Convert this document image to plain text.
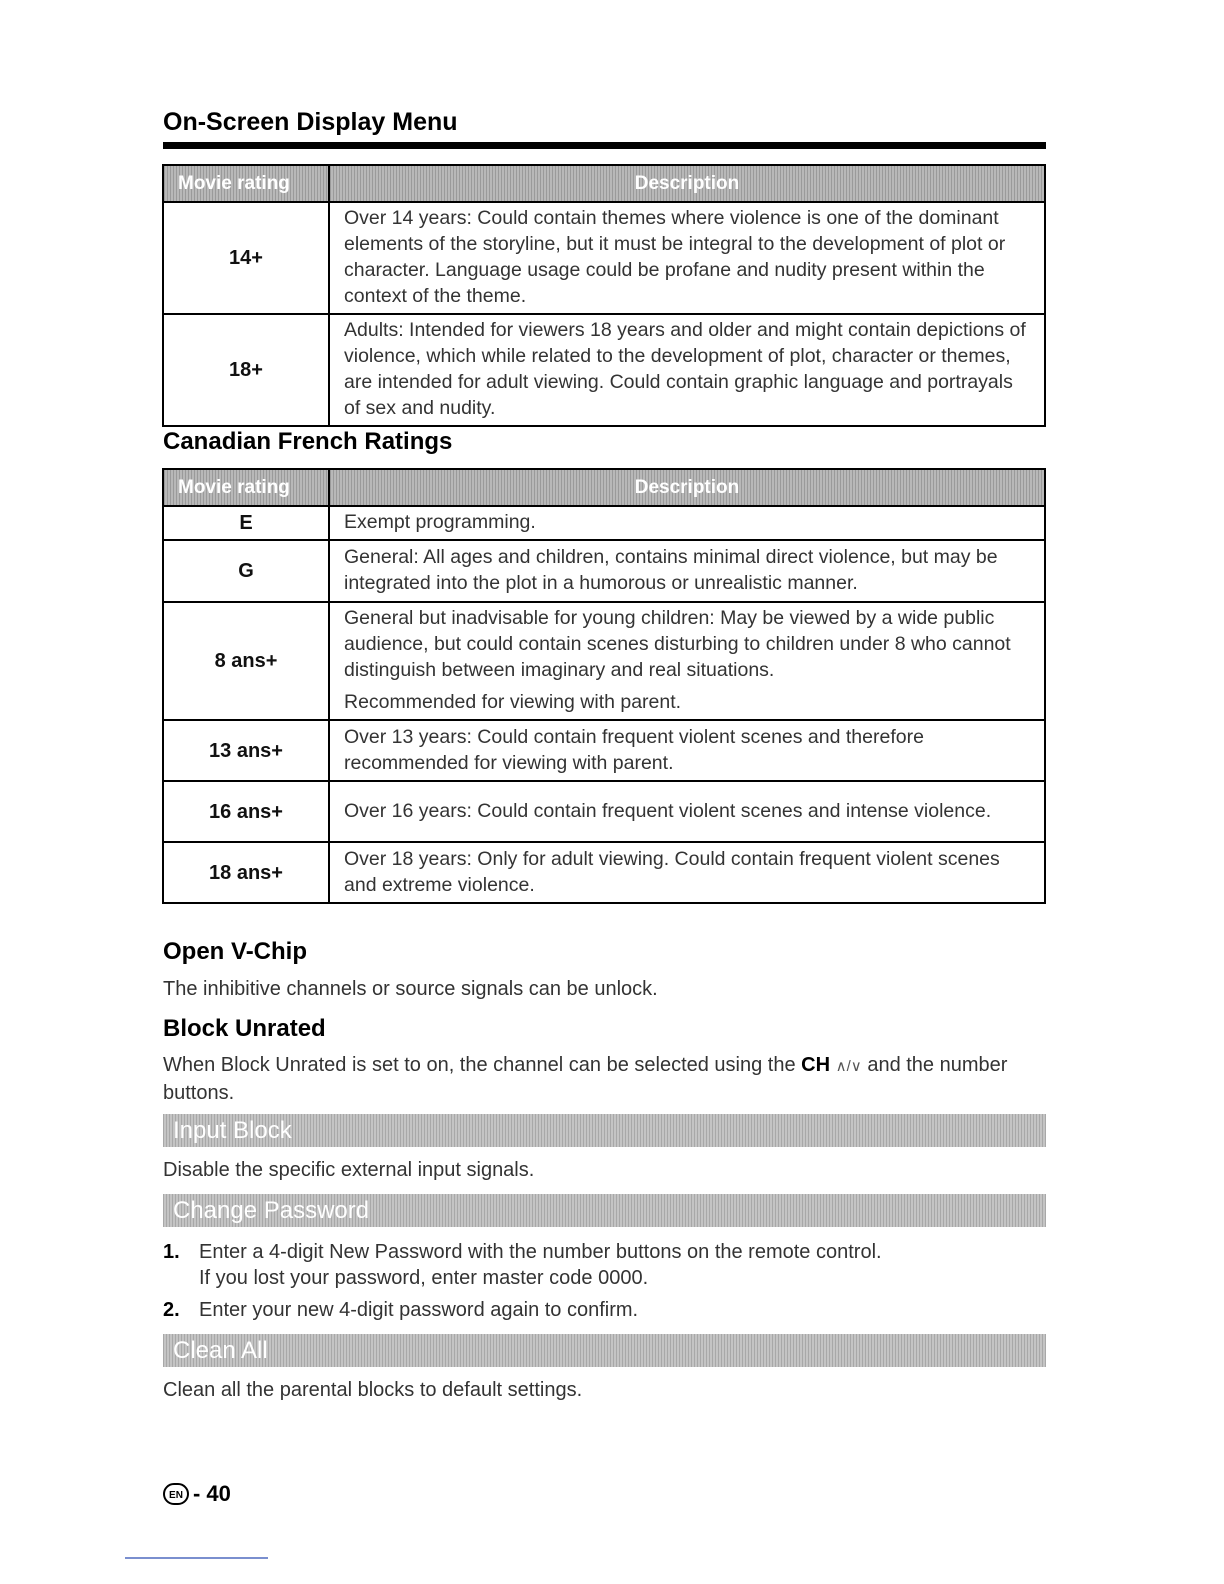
On-Screen Display Menu
Movie rating	Description
14+	Over 14 years: Could contain themes where violence is one of the dominant elements of the storyline, but it must be integral to the development of plot or character. Language usage could be profane and nudity present within the context of the theme.
18+	Adults: Intended for viewers 18 years and older and might contain depictions of violence, which while related to the development of plot, character or themes, are intended for adult viewing. Could contain graphic language and portrayals of sex and nudity.
Canadian French Ratings
Movie rating	Description
E	Exempt programming.
G	General: All ages and children, contains minimal direct violence, but may be integrated into the plot in a humorous or unrealistic manner.
8 ans+	General but inadvisable for young children: May be viewed by a wide public audience, but could contain scenes disturbing to children under 8 who cannot distinguish between imaginary and real situations.
Recommended for viewing with parent.

13 ans+	Over 13 years: Could contain frequent violent scenes and therefore recommended for viewing with parent.
16 ans+	Over 16 years: Could contain frequent violent scenes and intense violence.
18 ans+	Over 18 years: Only for adult viewing. Could contain frequent violent scenes and extreme violence.
Open V-Chip
The inhibitive channels or source signals can be unlock.
Block Unrated
When Block Unrated is set to on, the channel can be selected using the CH ∧/∨ and the number buttons.
Input Block
Disable the specific external input signals.
Change Password
1. Enter a 4-digit New Password with the number buttons on the remote control.
If you lost your password, enter master code 0000.
2. Enter your new 4-digit password again to confirm.
Clean All
Clean all the parental blocks to default settings.
EN - 40
